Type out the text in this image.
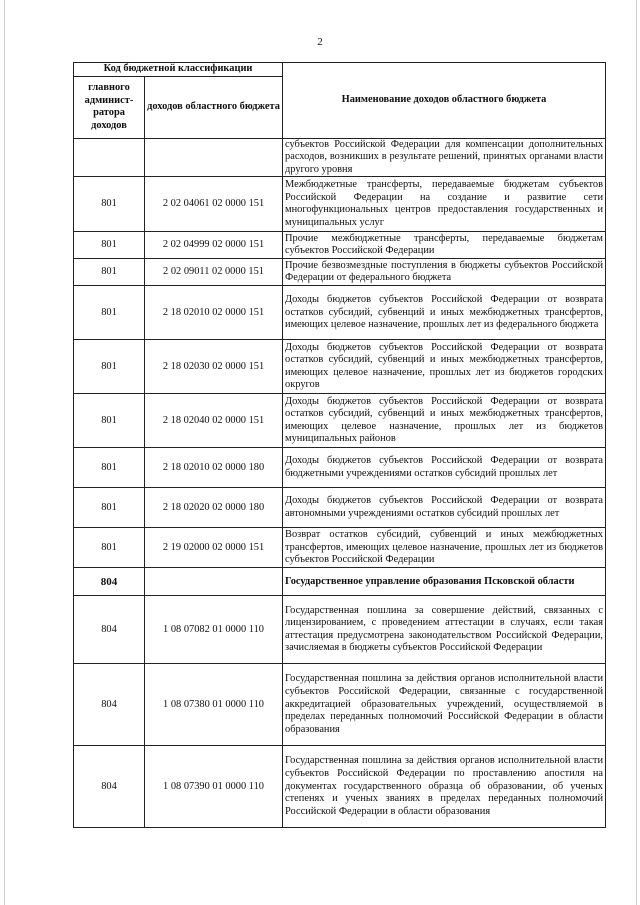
2
Код бюджетной классификации		Наименование доходов областного бюджета
главного админист-ратора доходов	доходов областного бюджета	
		субъектов Российской Федерации для компенсации дополнительных расходов, возникших в результате решений, принятых органами власти другого уровня
801	2 02 04061 02 0000 151	Межбюджетные трансферты, передаваемые бюджетам субъектов Российской Федерации на создание и развитие сети многофункциональных центров предоставления государственных и муниципальных услуг
801	2 02 04999 02 0000 151	Прочие межбюджетные трансферты, передаваемые бюджетам субъектов Российской Федерации
801	2 02 09011 02 0000 151	Прочие безвозмездные поступления в бюджеты субъектов Российской Федерации от федерального бюджета
801	2 18 02010 02 0000 151	Доходы бюджетов субъектов Российской Федерации от возврата остатков субсидий, субвенций и иных межбюджетных трансфертов, имеющих целевое назначение, прошлых лет из федерального бюджета
801	2 18 02030 02 0000 151	Доходы бюджетов субъектов Российской Федерации от возврата остатков субсидий, субвенций и иных межбюджетных трансфертов, имеющих целевое назначение, прошлых лет из бюджетов городских округов
801	2 18 02040 02 0000 151	Доходы бюджетов субъектов Российской Федерации от возврата остатков субсидий, субвенций и иных межбюджетных трансфертов, имеющих целевое назначение, прошлых лет из бюджетов муниципальных районов
801	2 18 02010 02 0000 180	Доходы бюджетов субъектов Российской Федерации от возврата бюджетными учреждениями остатков субсидий прошлых лет
801	2 18 02020 02 0000 180	Доходы бюджетов субъектов Российской Федерации от возврата автономными учреждениями остатков субсидий прошлых лет
801	2 19 02000 02 0000 151	Возврат остатков субсидий, субвенций и иных межбюджетных трансфертов, имеющих целевое назначение, прошлых лет из бюджетов субъектов Российской Федерации
804		Государственное управление образования Псковской области
804	1 08 07082 01 0000 110	Государственная пошлина за совершение действий, связанных с лицензированием, с проведением аттестации в случаях, если такая аттестация предусмотрена законодательством Российской Федерации, зачисляемая в бюджеты субъектов Российской Федерации
804	1 08 07380 01 0000 110	Государственная пошлина за действия органов исполнительной власти субъектов Российской Федерации, связанные с государственной аккредитацией образовательных учреждений, осуществляемой в пределах переданных полномочий Российской Федерации в области образования
804	1 08 07390 01 0000 110	Государственная пошлина за действия органов исполнительной власти субъектов Российской Федерации по проставлению апостиля на документах государственного образца об образовании, об ученых степенях и ученых званиях в пределах переданных полномочий Российской Федерации в области образования
